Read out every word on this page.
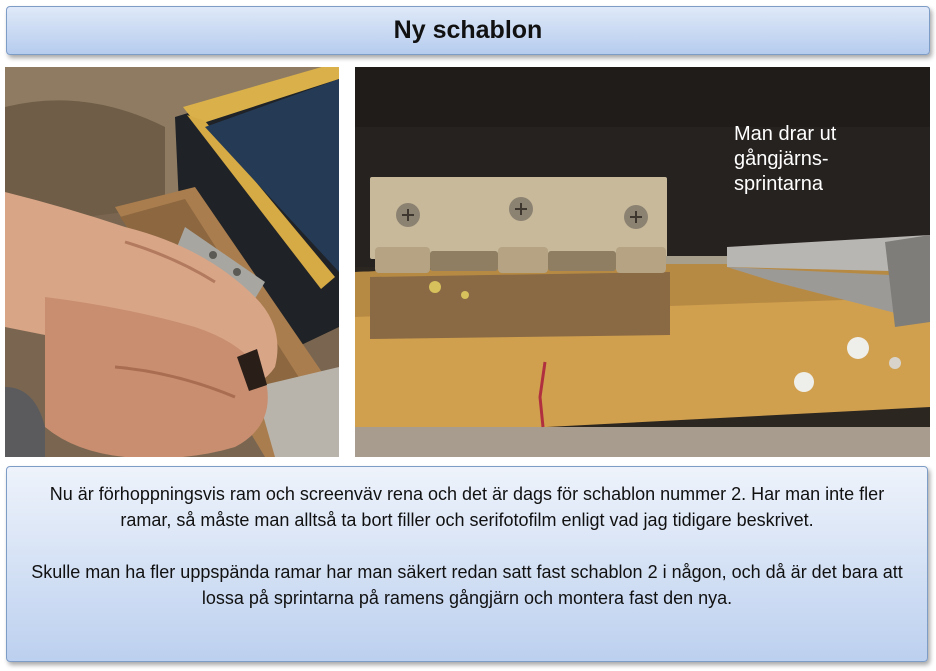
Ny schablon
Man drar ut
gångjärns-
sprintarna

Nu är förhoppningsvis ram och screenväv rena och det är dags för schablon nummer 2. Har man inte fler ramar, så måste man alltså ta bort filler och serifotofilm enligt vad jag tidigare beskrivet.

Skulle man ha fler uppspända ramar har man säkert redan satt fast schablon 2 i någon, och då är det bara att lossa på sprintarna på ramens gångjärn och montera fast den nya.
